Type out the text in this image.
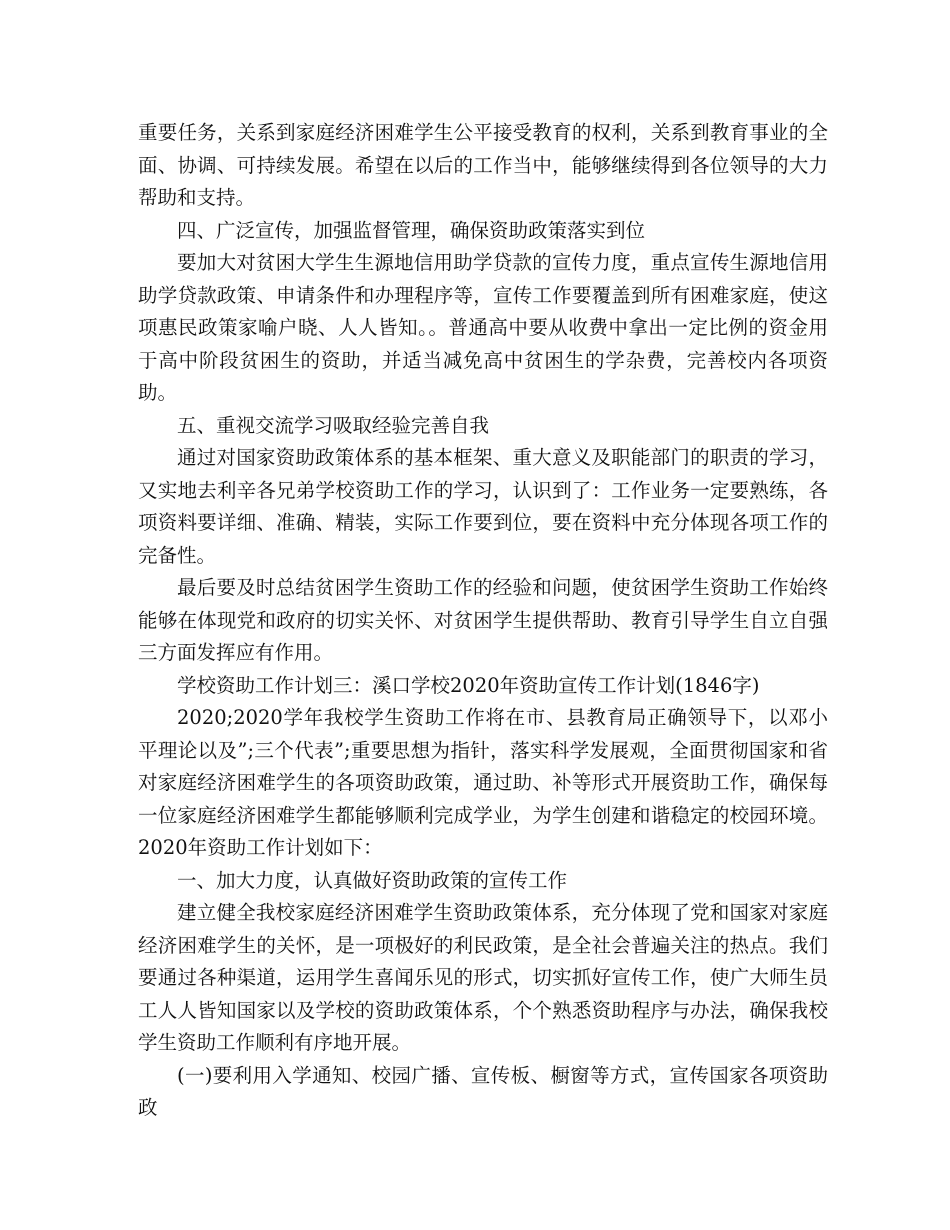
重要任务，关系到家庭经济困难学生公平接受教育的权利，关系到教育事业的全面、协调、可持续发展。希望在以后的工作当中，能够继续得到各位领导的大力帮助和支持。

四、广泛宣传，加强监督管理，确保资助政策落实到位

要加大对贫困大学生生源地信用助学贷款的宣传力度，重点宣传生源地信用助学贷款政策、申请条件和办理程序等，宣传工作要覆盖到所有困难家庭，使这项惠民政策家喻户晓、人人皆知。。普通高中要从收费中拿出一定比例的资金用于高中阶段贫困生的资助，并适当减免高中贫困生的学杂费，完善校内各项资助。

五、重视交流学习吸取经验完善自我

通过对国家资助政策体系的基本框架、重大意义及职能部门的职责的学习，又实地去利辛各兄弟学校资助工作的学习，认识到了：工作业务一定要熟练，各项资料要详细、准确、精装，实际工作要到位，要在资料中充分体现各项工作的完备性。

最后要及时总结贫困学生资助工作的经验和问题，使贫困学生资助工作始终能够在体现党和政府的切实关怀、对贫困学生提供帮助、教育引导学生自立自强三方面发挥应有作用。

学校资助工作计划三：溪口学校2020年资助宣传工作计划(1846字)

2020;2020学年我校学生资助工作将在市、县教育局正确领导下，以邓小平理论以及”;三个代表”;重要思想为指针，落实科学发展观，全面贯彻国家和省对家庭经济困难学生的各项资助政策，通过助、补等形式开展资助工作，确保每一位家庭经济困难学生都能够顺利完成学业，为学生创建和谐稳定的校园环境。2020年资助工作计划如下：

一、加大力度，认真做好资助政策的宣传工作

建立健全我校家庭经济困难学生资助政策体系，充分体现了党和国家对家庭经济困难学生的关怀，是一项极好的利民政策，是全社会普遍关注的热点。我们要通过各种渠道，运用学生喜闻乐见的形式，切实抓好宣传工作，使广大师生员工人人皆知国家以及学校的资助政策体系，个个熟悉资助程序与办法，确保我校学生资助工作顺利有序地开展。

(一)要利用入学通知、校园广播、宣传板、橱窗等方式，宣传国家各项资助政
